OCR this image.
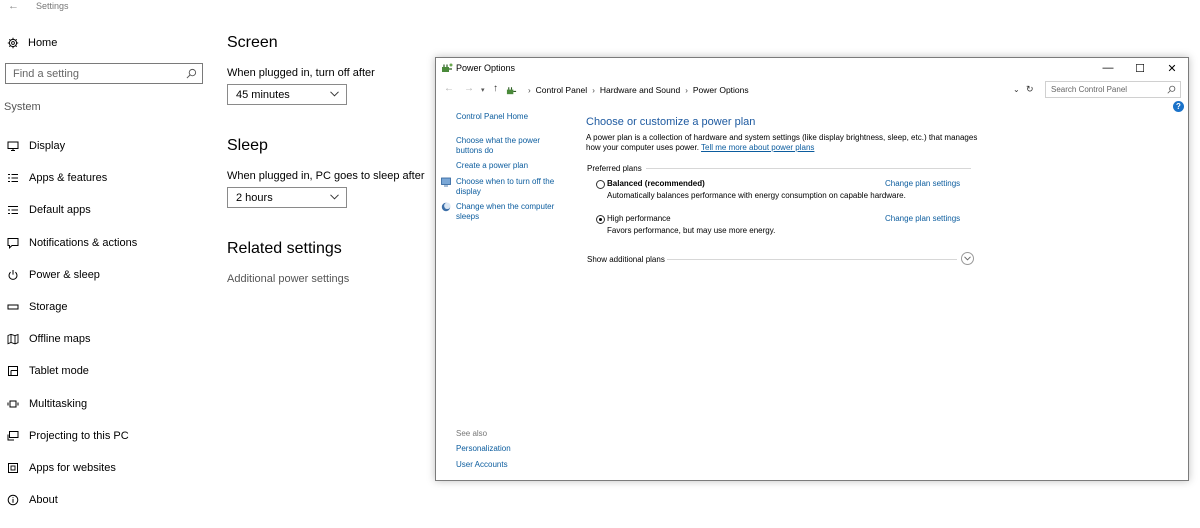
← Settings
Home
Find a setting
System
Display
Apps & features
Default apps
Notifications & actions
Power & sleep
Storage
Offline maps
Tablet mode
Multitasking
Projecting to this PC
Apps for websites
About
Screen
When plugged in, turn off after
45 minutes
Sleep
When plugged in, PC goes to sleep after
2 hours
Related settings
Additional power settings
Power Options	—	☐	✕
← → ▾ ↑	› Control Panel › Hardware and Sound › Power Options	⌄ ↻	Search Control Panel
?
Control Panel Home
Choose what the power buttons do
Create a power plan
Choose when to turn off the display
Change when the computer sleeps
See also
Personalization
User Accounts
Choose or customize a power plan
A power plan is a collection of hardware and system settings (like display brightness, sleep, etc.) that manages how your computer uses power. Tell me more about power plans
Preferred plans
Balanced (recommended)
Automatically balances performance with energy consumption on capable hardware.
Change plan settings
High performance
Favors performance, but may use more energy.
Change plan settings
Show additional plans
